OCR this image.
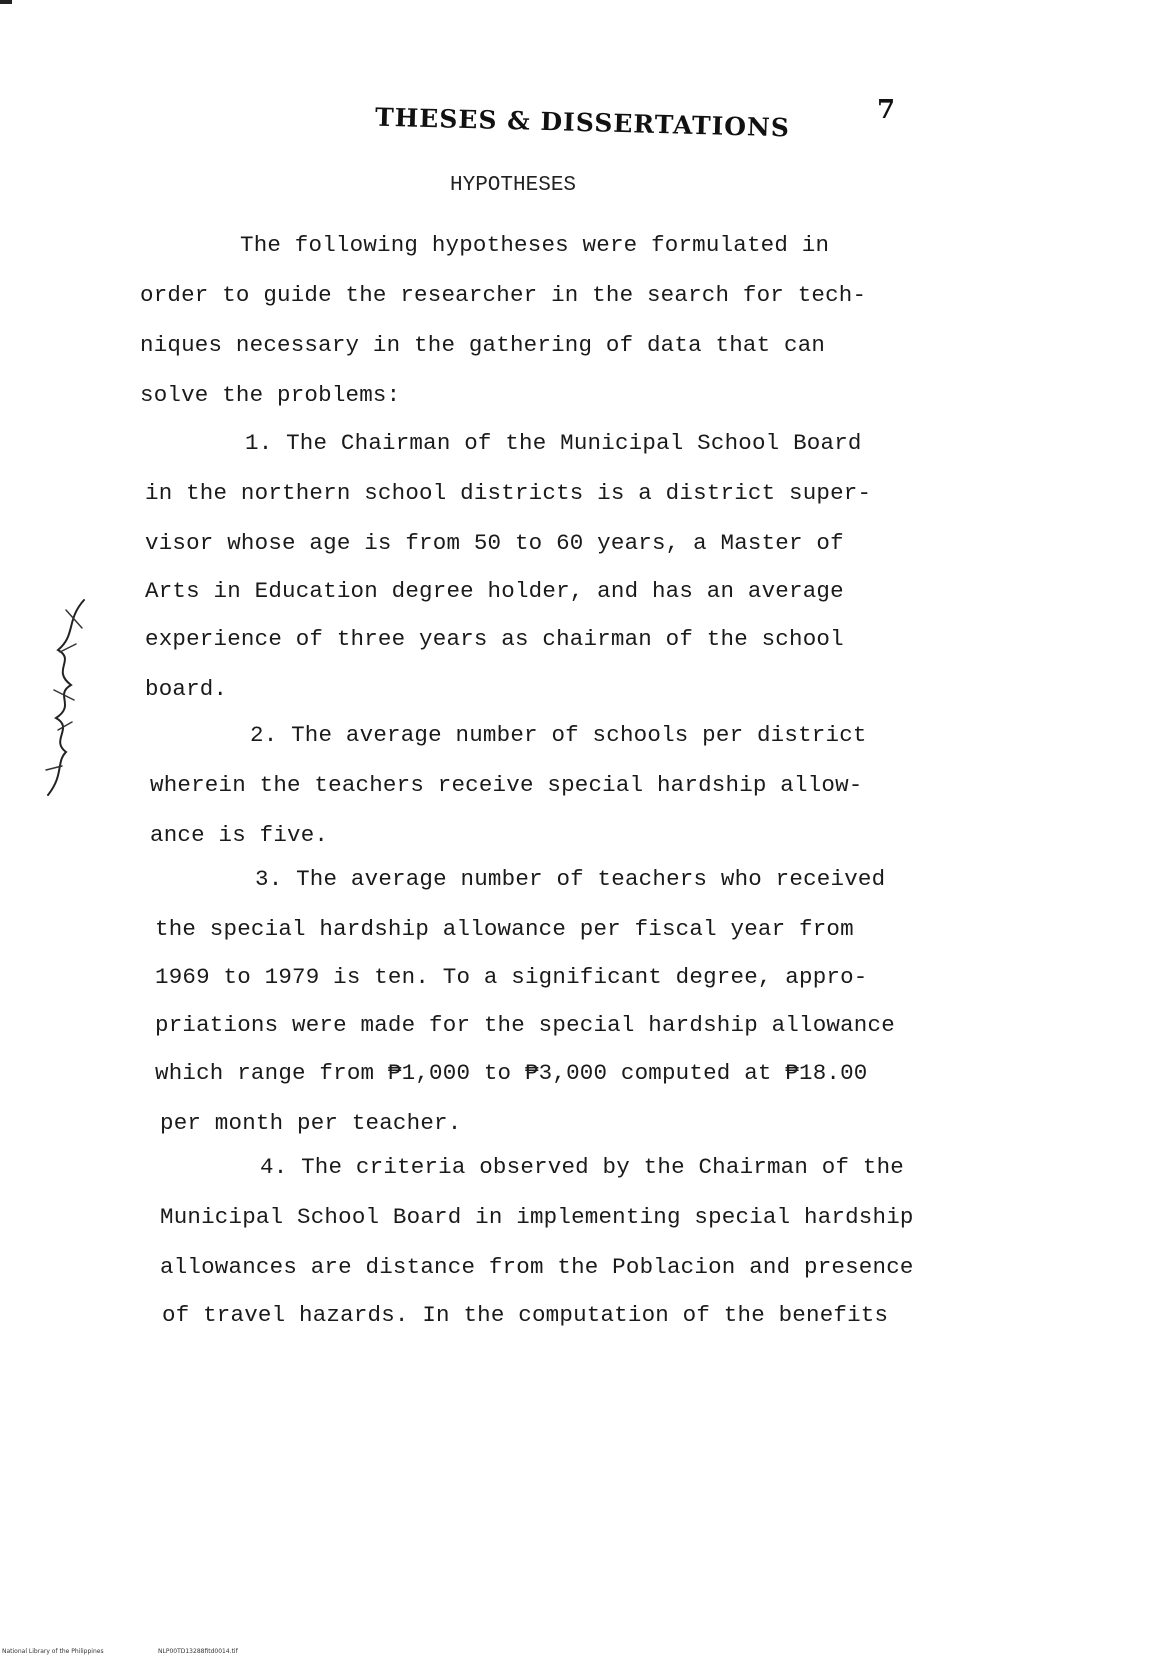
THESES & DISSERTATIONS	7
HYPOTHESES
The following hypotheses were formulated in
order to guide the researcher in the search for tech-
niques necessary in the gathering of data that can
solve the problems:
1. The Chairman of the Municipal School Board
in the northern school districts is a district super-
visor whose age is from 50 to 60 years, a Master of
Arts in Education degree holder, and has an average
experience of three years as chairman of the school
board.
2. The average number of schools per district
wherein the teachers receive special hardship allow-
ance is five.
3. The average number of teachers who received
the special hardship allowance per fiscal year from
1969 to 1979 is ten. To a significant degree, appro-
priations were made for the special hardship allowance
which range from ₱1,000 to ₱3,000 computed at ₱18.00
per month per teacher.
4. The criteria observed by the Chairman of the
Municipal School Board in implementing special hardship
allowances are distance from the Poblacion and presence
of travel hazards. In the computation of the benefits
National Library of the Philippines	NLP00TD13288fitd0014.tif
